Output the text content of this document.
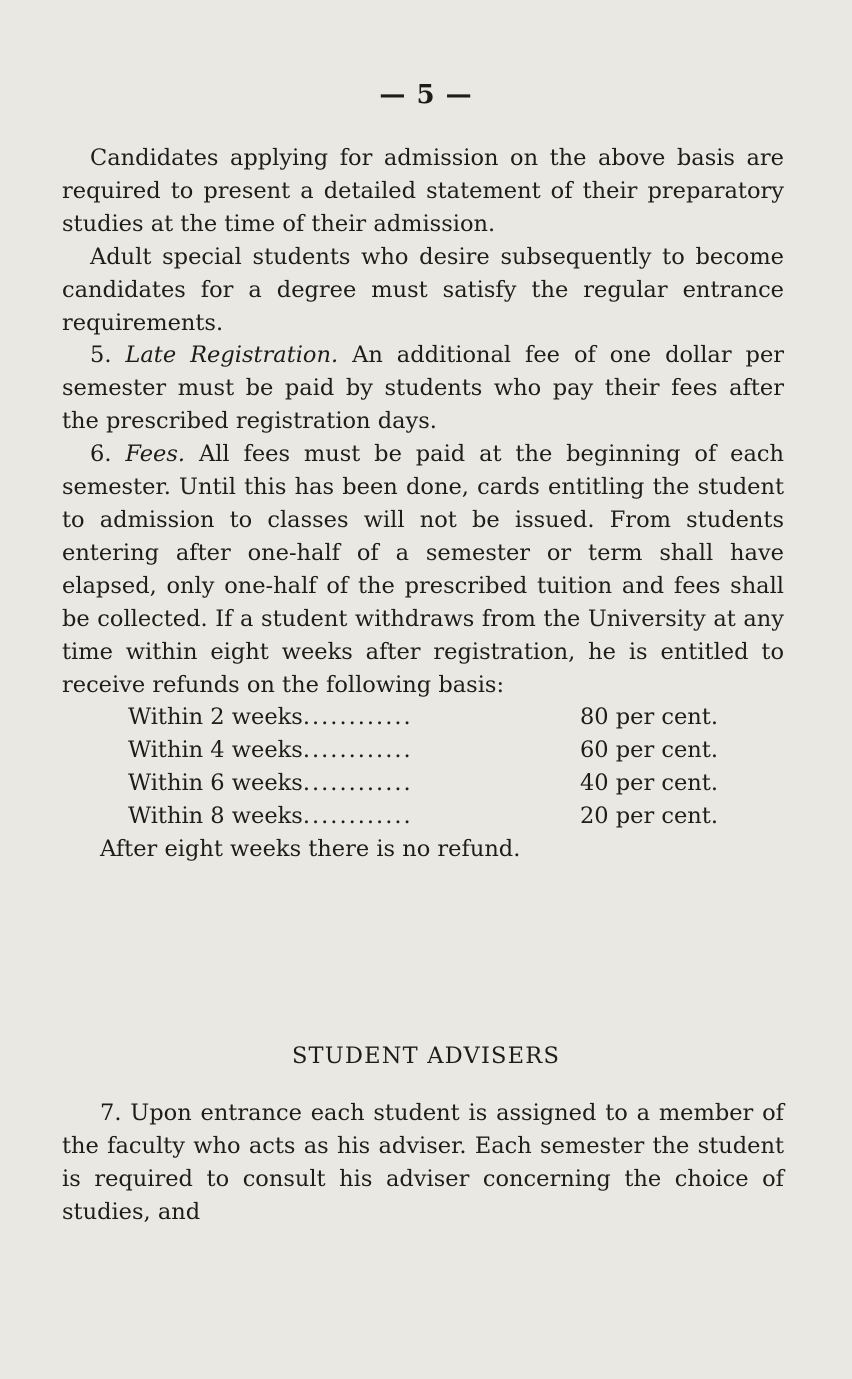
— 5 —

Candidates applying for admission on the above basis are required to present a detailed statement of their preparatory studies at the time of their admission.

Adult special students who desire subsequently to become candidates for a degree must satisfy the regular entrance requirements.

5. Late Registration. An additional fee of one dollar per semester must be paid by students who pay their fees after the prescribed registration days.

6. Fees. All fees must be paid at the beginning of each semester. Until this has been done, cards entitling the student to admission to classes will not be issued. From students entering after one-half of a semester or term shall have elapsed, only one-half of the prescribed tuition and fees shall be collected. If a student withdraws from the University at any time within eight weeks after registration, he is entitled to receive refunds on the following basis:

Within 2 weeks ............	80 per cent.
Within 4 weeks ............	60 per cent.
Within 6 weeks ............	40 per cent.
Within 8 weeks ............	20 per cent.

After eight weeks there is no refund.

STUDENT ADVISERS

7. Upon entrance each student is assigned to a member of the faculty who acts as his adviser. Each semester the student is required to consult his adviser concerning the choice of studies, and
